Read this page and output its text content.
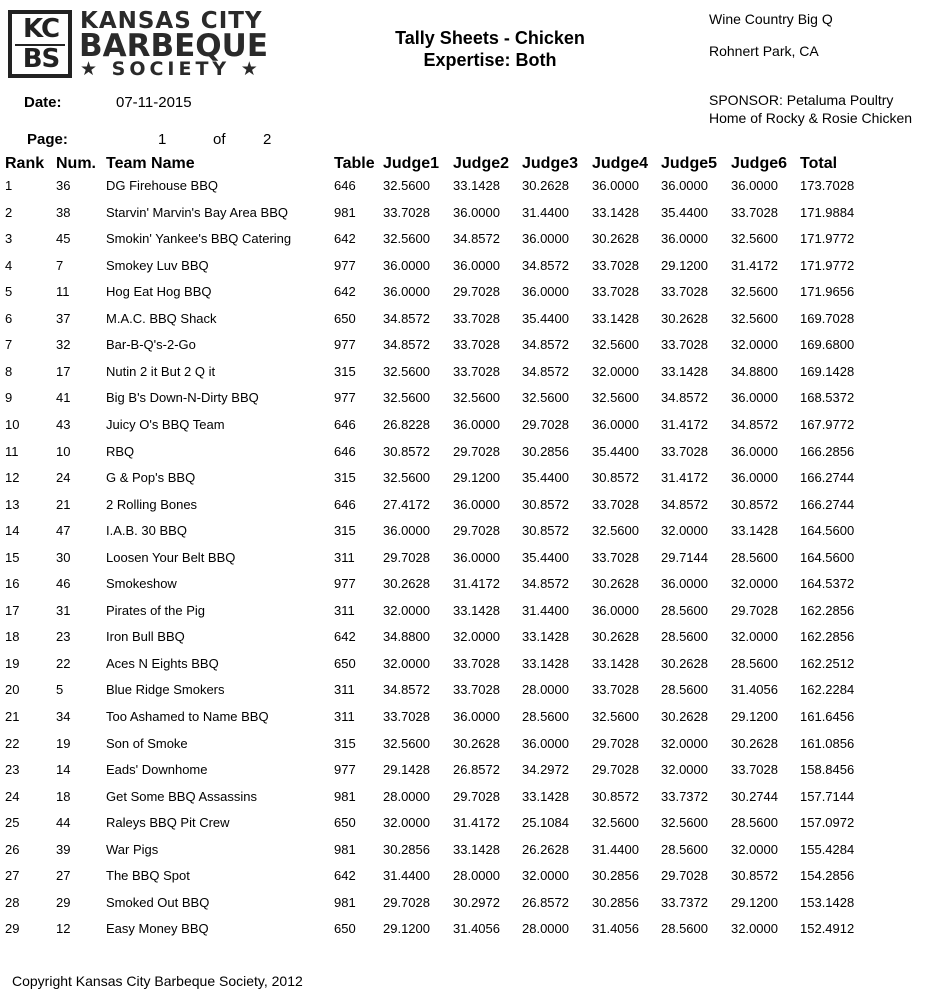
KC
BS
KANSAS CITY
BARBEQUE
★ SOCIETY ★
Tally Sheets - Chicken
Expertise: Both
Wine Country Big Q
Rohnert Park, CA
SPONSOR: Petaluma Poultry
Home of Rocky & Rosie Chicken
Date:	07-11-2015
Page:	1	of 2
Rank Num. Team Name	Table Judge1 Judge2 Judge3 Judge4 Judge5 Judge6 Total
1	36	DG Firehouse BBQ	646 32.5600 33.1428 30.2628 36.0000 36.0000 36.0000 173.7028
2	38	Starvin' Marvin's Bay Area BBQ	981 33.7028 36.0000 31.4400 33.1428 35.4400 33.7028 171.9884
3	45	Smokin' Yankee's BBQ Catering	642 32.5600 34.8572 36.0000 30.2628 36.0000 32.5600 171.9772
4	7	Smokey Luv BBQ	977 36.0000 36.0000 34.8572 33.7028 29.1200 31.4172 171.9772
5	11	Hog Eat Hog BBQ	642 36.0000 29.7028 36.0000 33.7028 33.7028 32.5600 171.9656
6	37	M.A.C. BBQ Shack	650 34.8572 33.7028 35.4400 33.1428 30.2628 32.5600 169.7028
7	32	Bar-B-Q's-2-Go	977 34.8572 33.7028 34.8572 32.5600 33.7028 32.0000 169.6800
8	17	Nutin 2 it But 2 Q it	315 32.5600 33.7028 34.8572 32.0000 33.1428 34.8800 169.1428
9	41	Big B's Down-N-Dirty BBQ	977 32.5600 32.5600 32.5600 32.5600 34.8572 36.0000 168.5372
10	43	Juicy O's BBQ Team	646 26.8228 36.0000 29.7028 36.0000 31.4172 34.8572 167.9772
11	10	RBQ	646 30.8572 29.7028 30.2856 35.4400 33.7028 36.0000 166.2856
12	24	G & Pop's BBQ	315 32.5600 29.1200 35.4400 30.8572 31.4172 36.0000 166.2744
13	21	2 Rolling Bones	646 27.4172 36.0000 30.8572 33.7028 34.8572 30.8572 166.2744
14	47	I.A.B. 30 BBQ	315 36.0000 29.7028 30.8572 32.5600 32.0000 33.1428 164.5600
15	30	Loosen Your Belt BBQ	311 29.7028 36.0000 35.4400 33.7028 29.7144 28.5600 164.5600
16	46	Smokeshow	977 30.2628 31.4172 34.8572 30.2628 36.0000 32.0000 164.5372
17	31	Pirates of the Pig	311 32.0000 33.1428 31.4400 36.0000 28.5600 29.7028 162.2856
18	23	Iron Bull BBQ	642 34.8800 32.0000 33.1428 30.2628 28.5600 32.0000 162.2856
19	22	Aces N Eights BBQ	650 32.0000 33.7028 33.1428 33.1428 30.2628 28.5600 162.2512
20	5	Blue Ridge Smokers	311 34.8572 33.7028 28.0000 33.7028 28.5600 31.4056 162.2284
21	34	Too Ashamed to Name BBQ	311 33.7028 36.0000 28.5600 32.5600 30.2628 29.1200 161.6456
22	19	Son of Smoke	315 32.5600 30.2628 36.0000 29.7028 32.0000 30.2628 161.0856
23	14	Eads' Downhome	977 29.1428 26.8572 34.2972 29.7028 32.0000 33.7028 158.8456
24	18	Get Some BBQ Assassins	981 28.0000 29.7028 33.1428 30.8572 33.7372 30.2744 157.7144
25	44	Raleys BBQ Pit Crew	650 32.0000 31.4172 25.1084 32.5600 32.5600 28.5600 157.0972
26	39	War Pigs	981 30.2856 33.1428 26.2628 31.4400 28.5600 32.0000 155.4284
27	27	The BBQ Spot	642 31.4400 28.0000 32.0000 30.2856 29.7028 30.8572 154.2856
28	29	Smoked Out BBQ	981 29.7028 30.2972 26.8572 30.2856 33.7372 29.1200 153.1428
29	12	Easy Money BBQ	650 29.1200 31.4056 28.0000 31.4056 28.5600 32.0000 152.4912
Copyright Kansas City Barbeque Society, 2012
